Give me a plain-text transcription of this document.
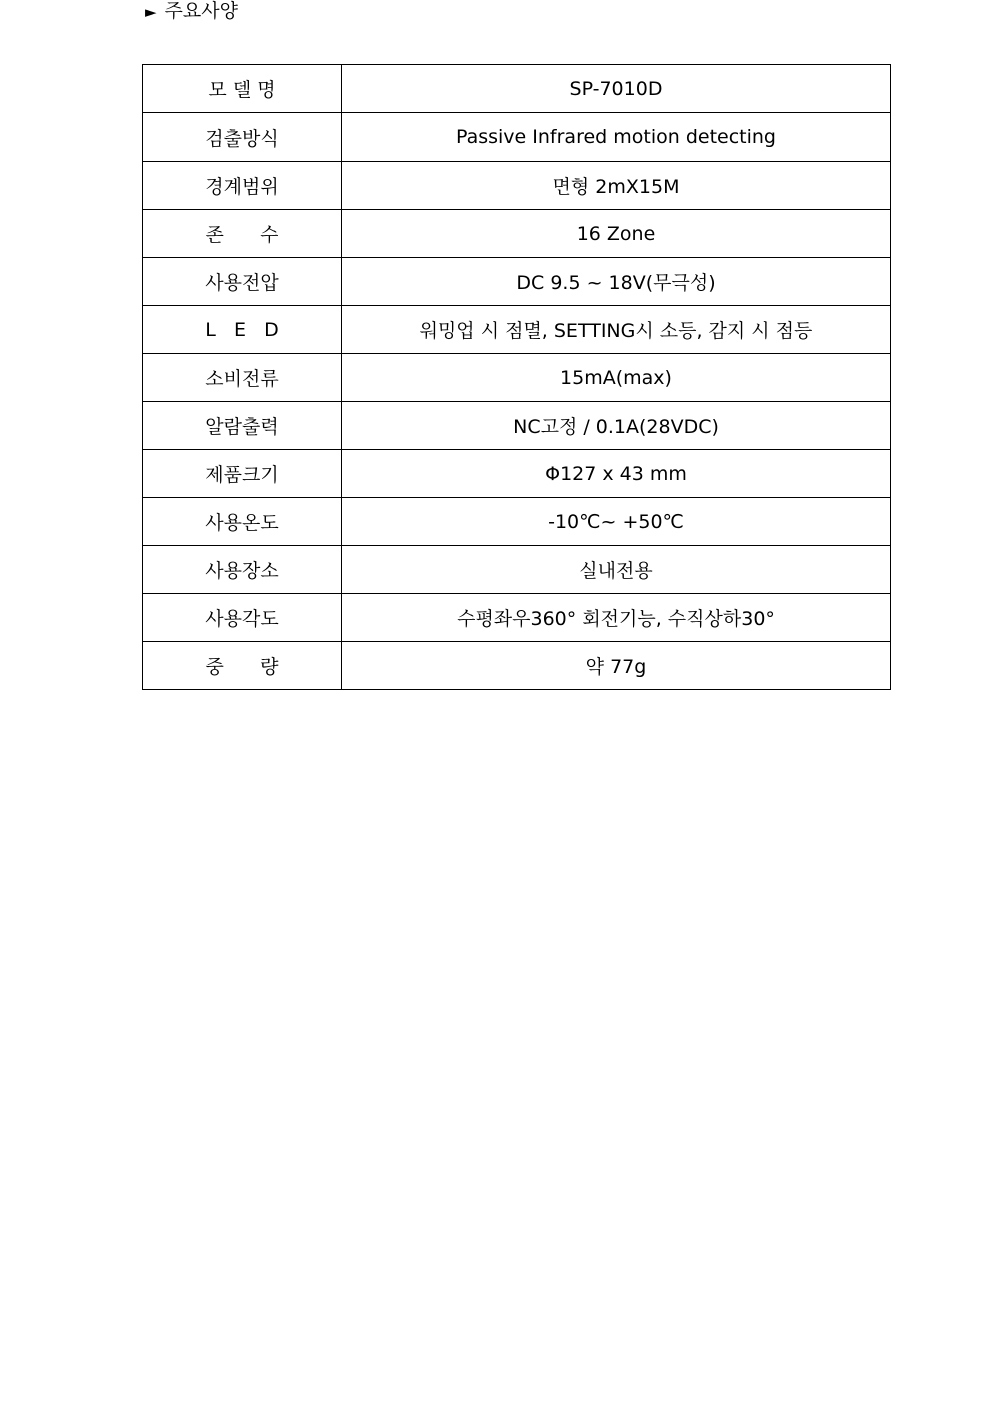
► 주요사양
모 델 명	SP-7010D
검출방식	Passive Infrared motion detecting
경계범위	면형 2mX15M
존      수	16 Zone
사용전압	DC 9.5 ~ 18V(무극성)
L   E   D	워밍업 시 점멸, SETTING시 소등, 감지 시 점등
소비전류	15mA(max)
알람출력	NC고정 / 0.1A(28VDC)
제품크기	Φ127 x 43 mm
사용온도	-10℃~ +50℃
사용장소	실내전용
사용각도	수평좌우360° 회전기능, 수직상하30°
중      량	약 77g
